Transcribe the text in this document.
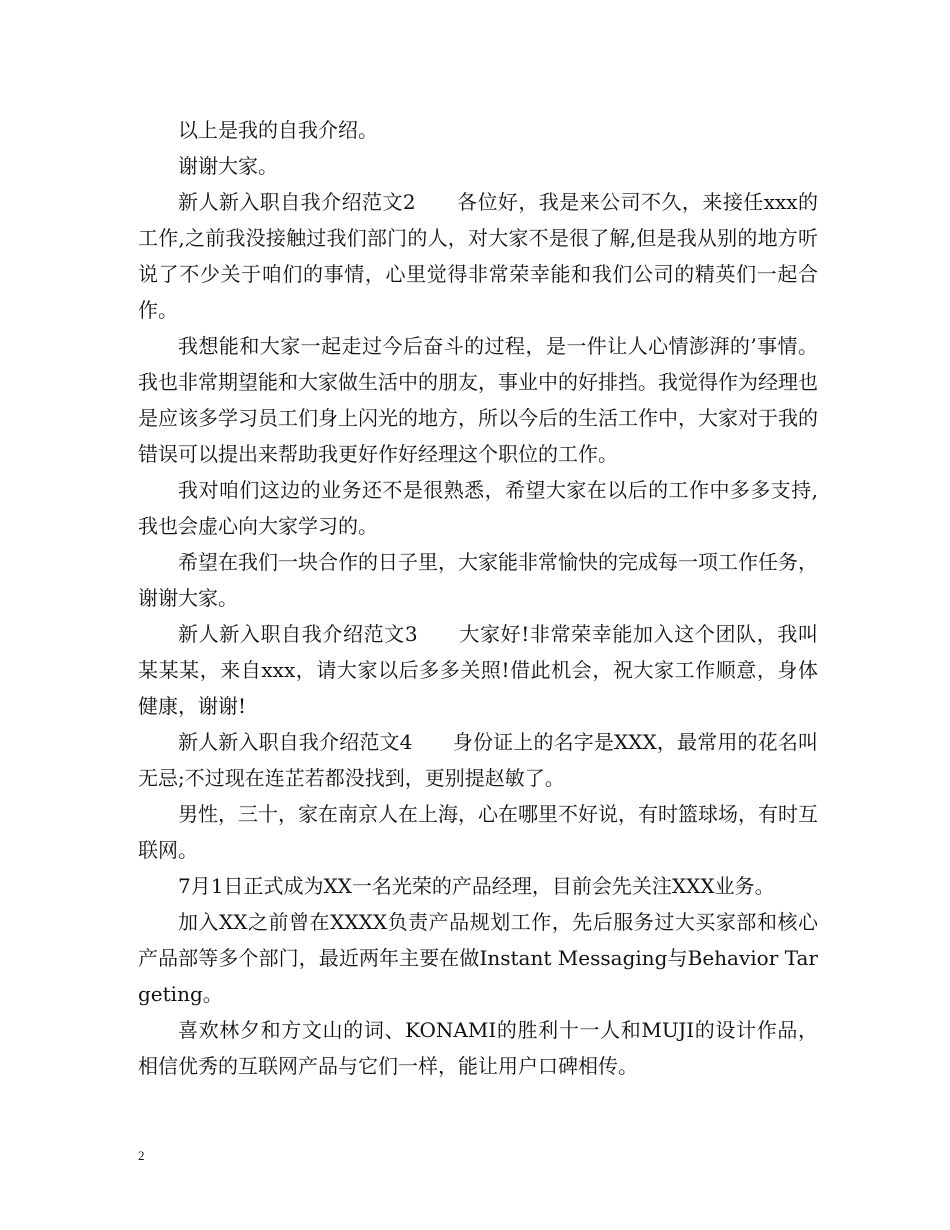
以上是我的自我介绍。

谢谢大家。

新人新入职自我介绍范文2　　各位好，我是来公司不久，来接任xxx的工作,之前我没接触过我们部门的人，对大家不是很了解,但是我从别的地方听说了不少关于咱们的事情，心里觉得非常荣幸能和我们公司的精英们一起合作。

我想能和大家一起走过今后奋斗的过程，是一件让人心情澎湃的’事情。我也非常期望能和大家做生活中的朋友，事业中的好排挡。我觉得作为经理也是应该多学习员工们身上闪光的地方，所以今后的生活工作中，大家对于我的错误可以提出来帮助我更好作好经理这个职位的工作。

我对咱们这边的业务还不是很熟悉，希望大家在以后的工作中多多支持,我也会虚心向大家学习的。

希望在我们一块合作的日子里，大家能非常愉快的完成每一项工作任务，谢谢大家。

新人新入职自我介绍范文3　　大家好!非常荣幸能加入这个团队，我叫某某某，来自xxx，请大家以后多多关照!借此机会，祝大家工作顺意，身体健康，谢谢!

新人新入职自我介绍范文4　　身份证上的名字是XXX，最常用的花名叫无忌;不过现在连芷若都没找到，更别提赵敏了。

男性，三十，家在南京人在上海，心在哪里不好说，有时篮球场，有时互联网。

7月1日正式成为XX一名光荣的产品经理，目前会先关注XXX业务。

加入XX之前曾在XXXX负责产品规划工作，先后服务过大买家部和核心产品部等多个部门，最近两年主要在做Instant Messaging与Behavior Targeting。

喜欢林夕和方文山的词、KONAMI的胜利十一人和MUJI的设计作品，相信优秀的互联网产品与它们一样，能让用户口碑相传。

2
